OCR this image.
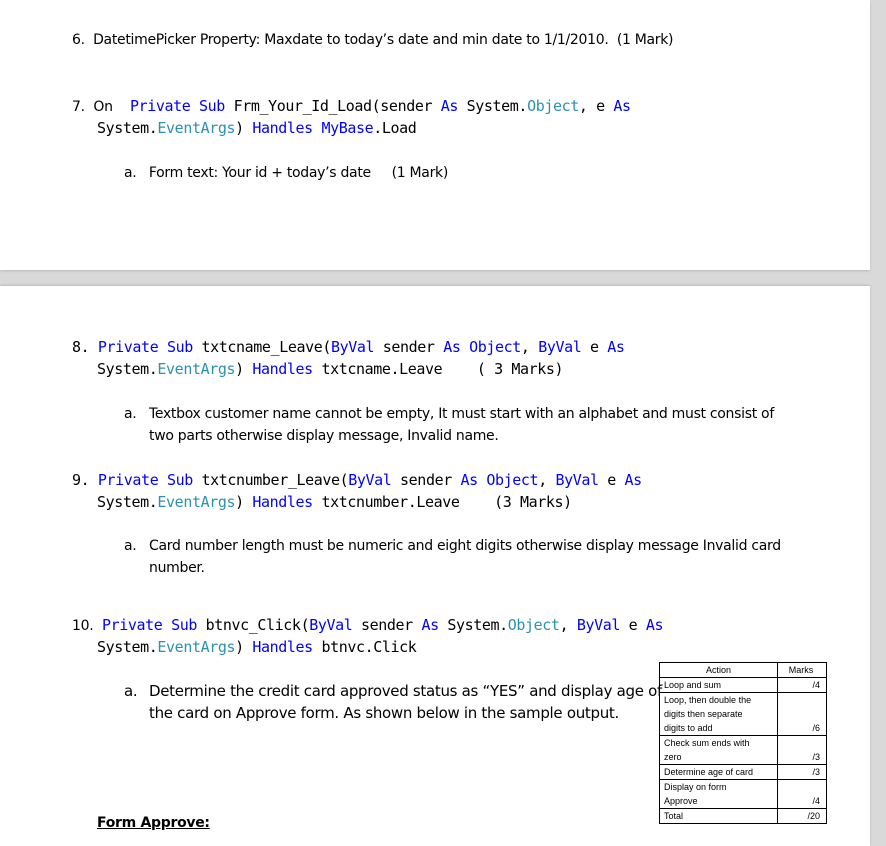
6. DatetimePicker Property: Maxdate to today’s date and min date to 1/1/2010. (1 Mark)
7. On Private Sub Frm_Your_Id_Load(sender As System.Object, e As
System.EventArgs) Handles MyBase.Load
a. Form text: Your id + today’s date (1 Mark)
8. Private Sub txtcname_Leave(ByVal sender As Object, ByVal e As
System.EventArgs) Handles txtcname.Leave ( 3 Marks)
a. Textbox customer name cannot be empty, It must start with an alphabet and must consist of
two parts otherwise display message, Invalid name.
9. Private Sub txtcnumber_Leave(ByVal sender As Object, ByVal e As
System.EventArgs) Handles txtcnumber.Leave (3 Marks)
a. Card number length must be numeric and eight digits otherwise display message Invalid card
number.
10. Private Sub btnvc_Click(ByVal sender As System.Object, ByVal e As
System.EventArgs) Handles btnvc.Click
a. Determine the credit card approved status as “YES” and display age of
the card on Approve form. As shown below in the sample output.
Form Approve:
Action	Marks

Loop and sum	/4

Loop, then double the
digits then separate
digits to add	/6

Check sum ends with
zero	/3

Determine age of card	/3

Display on form
Approve	/4

Total	/20
